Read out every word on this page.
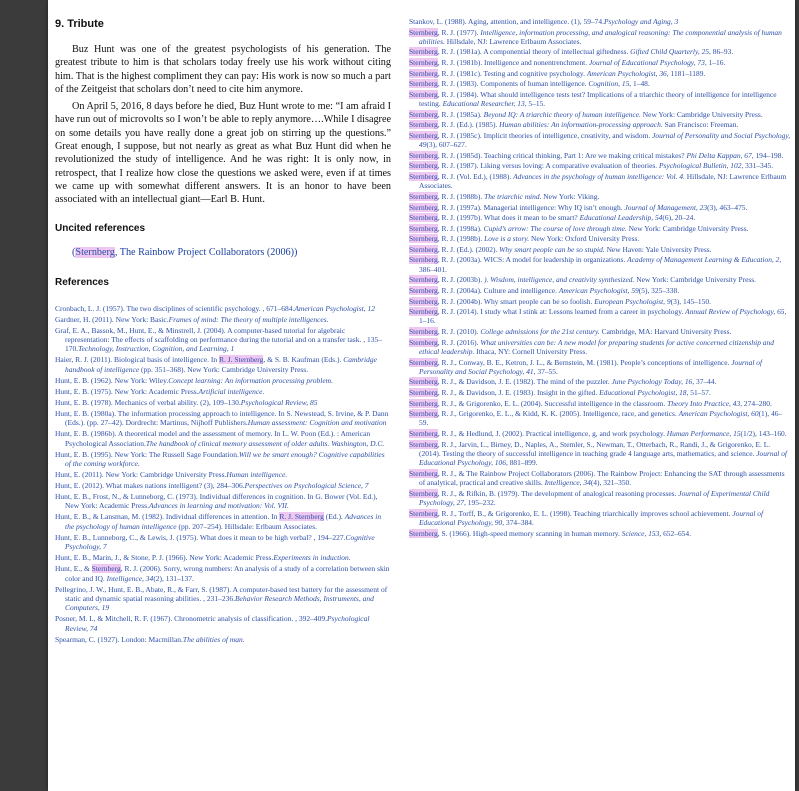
9. Tribute

Buz Hunt was one of the greatest psychologists of his generation. The greatest tribute to him is that scholars today freely use his work without citing him. That is the highest compliment they can pay: His work is now so much a part of the Zeitgeist that scholars don’t need to cite him anymore.

On April 5, 2016, 8 days before he died, Buz Hunt wrote to me: “I am afraid I have run out of microvolts so I won’t be able to reply anymore….While I disagree on some details you have really done a great job on stirring up the questions.” Great enough, I suppose, but not nearly as great as what Buz Hunt did when he revolutionized the study of intelligence. And he was right: It is only now, in retrospect, that I realize how close the questions we asked were, even if at times we came up with somewhat different answers. It is an honor to have been associated with an intellectual giant—Earl B. Hunt.

Uncited references
(Sternberg, The Rainbow Project Collaborators (2006))
References
Cronbach, L. J. (1957). The two disciplines of scientific psychology. , 671–684.American Psychologist, 12
Gardner, H. (2011). New York: Basic.Frames of mind: The theory of multiple intelligences.
Graf, E. A., Bassok, M., Hunt, E., & Minstrell, J. (2004). A computer-based tutorial for algebraic representation: The effects of scaffolding on performance during the tutorial and on a transfer task. , 135–170.Technology, Instruction, Cognition, and Learning, 1
Haier, R. J. (2011). Biological basis of intelligence. In R. J. Sternberg, & S. B. Kaufman (Eds.). Cambridge handbook of intelligence (pp. 351–368). New York: Cambridge University Press.
Hunt, E. B. (1962). New York: Wiley.Concept learning: An information processing problem.
Hunt, E. B. (1975). New York: Academic Press.Artificial intelligence.
Hunt, E. B. (1978). Mechanics of verbal ability. (2), 109–130.Psychological Review, 85
Hunt, E. B. (1980a). The information processing approach to intelligence. In S. Newstead, S. Irvine, & P. Dann (Eds.). (pp. 27–42). Dordrecht: Martinus, Nijhoff Publishers.Human assessment: Cognition and motivation
Hunt, E. B. (1986b). A theoretical model and the assessment of memory. In L. W. Poon (Ed.). : American Psychological Association.The handbook of clinical memory assessment of older adults. Washington, D.C.
Hunt, E. B. (1995). New York: The Russell Sage Foundation.Will we be smart enough? Cognitive capabilities of the coming workforce.
Hunt, E. (2011). New York: Cambridge University Press.Human intelligence.
Hunt, E. (2012). What makes nations intelligent? (3), 284–306.Perspectives on Psychological Science, 7
Hunt, E. B., Frost, N., & Lunneborg, C. (1973). Individual differences in cognition. In G. Bower (Vol. Ed.), New York: Academic Press.Advances in learning and motivation: Vol. VII.
Hunt, E. B., & Lansman, M. (1982). Individual differences in attention. In R. J. Sternberg (Ed.). Advances in the psychology of human intelligence (pp. 207–254). Hillsdale: Erlbaum Associates.
Hunt, E. B., Lunneborg, C., & Lewis, J. (1975). What does it mean to be high verbal? , 194–227.Cognitive Psychology, 7
Hunt, E. B., Marin, J., & Stone, P. J. (1966). New York: Academic Press.Experiments in induction.
Hunt, E., & Sternberg, R. J. (2006). Sorry, wrong numbers: An analysis of a study of a correlation between skin color and IQ. Intelligence, 34(2), 131–137.
Pellegrino, J. W., Hunt, E. B., Abate, R., & Farr, S. (1987). A computer-based test battery for the assessment of static and dynamic spatial reasoning abilities. , 231–236.Behavior Research Methods, Instruments, and Computers, 19
Posner, M. I., & Mitchell, R. F. (1967). Chronometric analysis of classification. , 392–409.Psychological Review, 74
Spearman, C. (1927). London: Macmillan.The abilities of man.
Stankov, L. (1988). Aging, attention, and intelligence. (1), 59–74.Psychology and Aging, 3
Sternberg, R. J. (1977). Intelligence, information processing, and analogical reasoning: The componential analysis of human abilities. Hillsdale, NJ: Lawrence Erlbaum Associates.
Sternberg, R. J. (1981a). A componential theory of intellectual giftedness. Gifted Child Quarterly, 25, 86–93.
Sternberg, R. J. (1981b). Intelligence and nonentrenchment. Journal of Educational Psychology, 73, 1–16.
Sternberg, R. J. (1981c). Testing and cognitive psychology. American Psychologist, 36, 1181–1189.
Sternberg, R. J. (1983). Components of human intelligence. Cognition, 15, 1–48.
Sternberg, R. J. (1984). What should intelligence tests test? Implications of a triarchic theory of intelligence for intelligence testing. Educational Researcher, 13, 5–15.
Sternberg, R. J. (1985a). Beyond IQ: A triarchic theory of human intelligence. New York: Cambridge University Press.
Sternberg, R. J. (Ed.). (1985). Human abilities: An information-processing approach. San Francisco: Freeman.
Sternberg, R. J. (1985c). Implicit theories of intelligence, creativity, and wisdom. Journal of Personality and Social Psychology, 49(3), 607–627.
Sternberg, R. J. (1985d). Teaching critical thinking, Part 1: Are we making critical mistakes? Phi Delta Kappan, 67, 194–198.
Sternberg, R. J. (1987). Liking versus loving: A comparative evaluation of theories. Psychological Bulletin, 102, 331–345.
Sternberg, R. J. (Vol. Ed.), (1988). Advances in the psychology of human intelligence: Vol. 4. Hillsdale, NJ: Lawrence Erlbaum Associates.
Sternberg, R. J. (1988b). The triarchic mind. New York: Viking.
Sternberg, R. J. (1997a). Managerial intelligence: Why IQ isn’t enough. Journal of Management, 23(3), 463–475.
Sternberg, R. J. (1997b). What does it mean to be smart? Educational Leadership, 54(6), 20–24.
Sternberg, R. J. (1998a). Cupid’s arrow: The course of love through time. New York: Cambridge University Press.
Sternberg, R. J. (1998b). Love is a story. New York: Oxford University Press.
Sternberg, R. J. (Ed.). (2002). Why smart people can be so stupid. New Haven: Yale University Press.
Sternberg, R. J. (2003a). WICS: A model for leadership in organizations. Academy of Management Learning & Education, 2, 386–401.
Sternberg, R. J. (2003b). ). Wisdom, intelligence, and creativity synthesized. New York: Cambridge University Press.
Sternberg, R. J. (2004a). Culture and intelligence. American Psychologist, 59(5), 325–338.
Sternberg, R. J. (2004b). Why smart people can be so foolish. European Psychologist, 9(3), 145–150.
Sternberg, R. J. (2014). I study what I stink at: Lessons learned from a career in psychology. Annual Review of Psychology, 65, 1–16.
Sternberg, R. J. (2010). College admissions for the 21st century. Cambridge, MA: Harvard University Press.
Sternberg, R. J. (2016). What universities can be: A new model for preparing students for active concerned citizenship and ethical leadership. Ithaca, NY: Cornell University Press.
Sternberg, R. J., Conway, B. E., Ketron, J. L., & Bernstein, M. (1981). People’s conceptions of intelligence. Journal of Personality and Social Psychology, 41, 37–55.
Sternberg, R. J., & Davidson, J. E. (1982). The mind of the puzzler. June Psychology Today, 16, 37–44.
Sternberg, R. J., & Davidson, J. E. (1983). Insight in the gifted. Educational Psychologist, 18, 51–57.
Sternberg, R. J., & Grigorenko, E. L. (2004). Successful intelligence in the classroom. Theory Into Practice, 43, 274–280.
Sternberg, R. J., Grigorenko, E. L., & Kidd, K. K. (2005). Intelligence, race, and genetics. American Psychologist, 60(1), 46–59.
Sternberg, R. J., & Hedlund, J. (2002). Practical intelligence, g, and work psychology. Human Performance, 15(1/2), 143–160.
Sternberg, R. J., Jarvin, L., Birney, D., Naples, A., Stemler, S., Newman, T., Otterbach, R., Randi, J., & Grigorenko, E. L. (2014). Testing the theory of successful intelligence in teaching grade 4 language arts, mathematics, and science. Journal of Educational Psychology, 106, 881–899.
Sternberg, R. J., & The Rainbow Project Collaborators (2006). The Rainbow Project: Enhancing the SAT through assessments of analytical, practical and creative skills. Intelligence, 34(4), 321–350.
Sternberg, R. J., & Rifkin, B. (1979). The development of analogical reasoning processes. Journal of Experimental Child Psychology, 27, 195–232.
Sternberg, R. J., Torff, B., & Grigorenko, E. L. (1998). Teaching triarchically improves school achievement. Journal of Educational Psychology, 90, 374–384.
Sternberg, S. (1966). High-speed memory scanning in human memory. Science, 153, 652–654.
